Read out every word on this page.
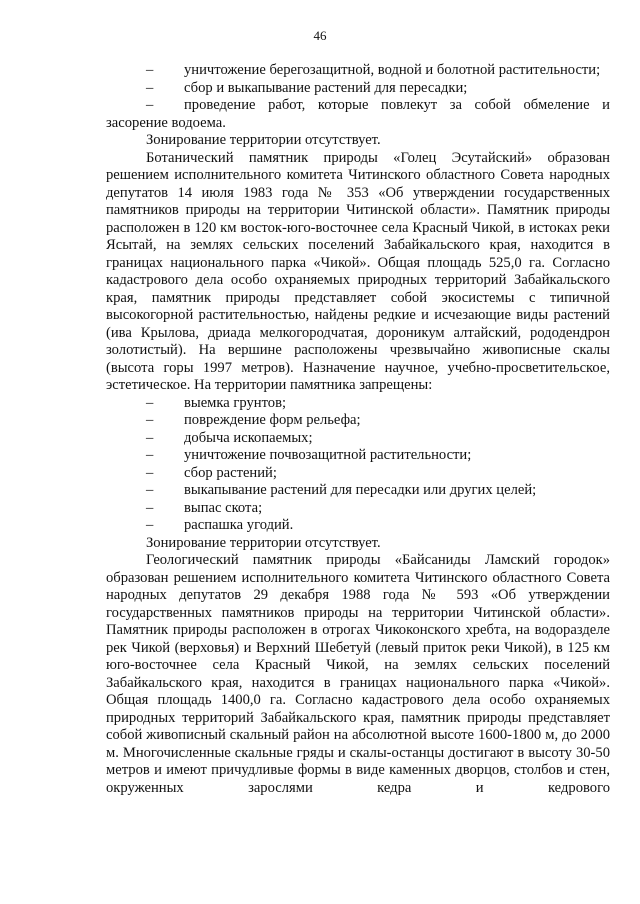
46

– уничтожение берегозащитной, водной и болотной растительности;

– сбор и выкапывание растений для пересадки;

– проведение работ, которые повлекут за собой обмеление и засорение водоема.

Зонирование территории отсутствует.

Ботанический памятник природы «Голец Эсутайский» образован решением исполнительного комитета Читинского областного Совета народных депутатов 14 июля 1983 года № 353 «Об утверждении государственных памятников природы на территории Читинской области». Памятник природы расположен в 120 км восток-юго-восточнее села Красный Чикой, в истоках реки Ясытай, на землях сельских поселений Забайкальского края, находится в границах национального парка «Чикой». Общая площадь 525,0 га. Согласно кадастрового дела особо охраняемых природных территорий Забайкальского края, памятник природы представляет собой экосистемы с типичной высокогорной растительностью, найдены редкие и исчезающие виды растений (ива Крылова, дриада мелкогородчатая, дороникум алтайский, рододендрон золотистый). На вершине расположены чрезвычайно живописные скалы (высота горы 1997 метров). Назначение научное, учебно-просветительское, эстетическое. На территории памятника запрещены:

– выемка грунтов;

– повреждение форм рельефа;

– добыча ископаемых;

– уничтожение почвозащитной растительности;

– сбор растений;

– выкапывание растений для пересадки или других целей;

– выпас скота;

– распашка угодий.

Зонирование территории отсутствует.

Геологический памятник природы «Байсаниды Ламский городок» образован решением исполнительного комитета Читинского областного Совета народных депутатов 29 декабря 1988 года № 593 «Об утверждении государственных памятников природы на территории Читинской области». Памятник природы расположен в отрогах Чикоконского хребта, на водоразделе рек Чикой (верховья) и Верхний Шебетуй (левый приток реки Чикой), в 125 км юго-восточнее села Красный Чикой, на землях сельских поселений Забайкальского края, находится в границах национального парка «Чикой». Общая площадь 1400,0 га. Согласно кадастрового дела особо охраняемых природных территорий Забайкальского края, памятник природы представляет собой живописный скальный район на абсолютной высоте 1600-1800 м, до 2000 м. Многочисленные скальные гряды и скалы-останцы достигают в высоту 30-50 метров и имеют причудливые формы в виде каменных дворцов, столбов и стен, окруженных зарослями кедра и кедрового
